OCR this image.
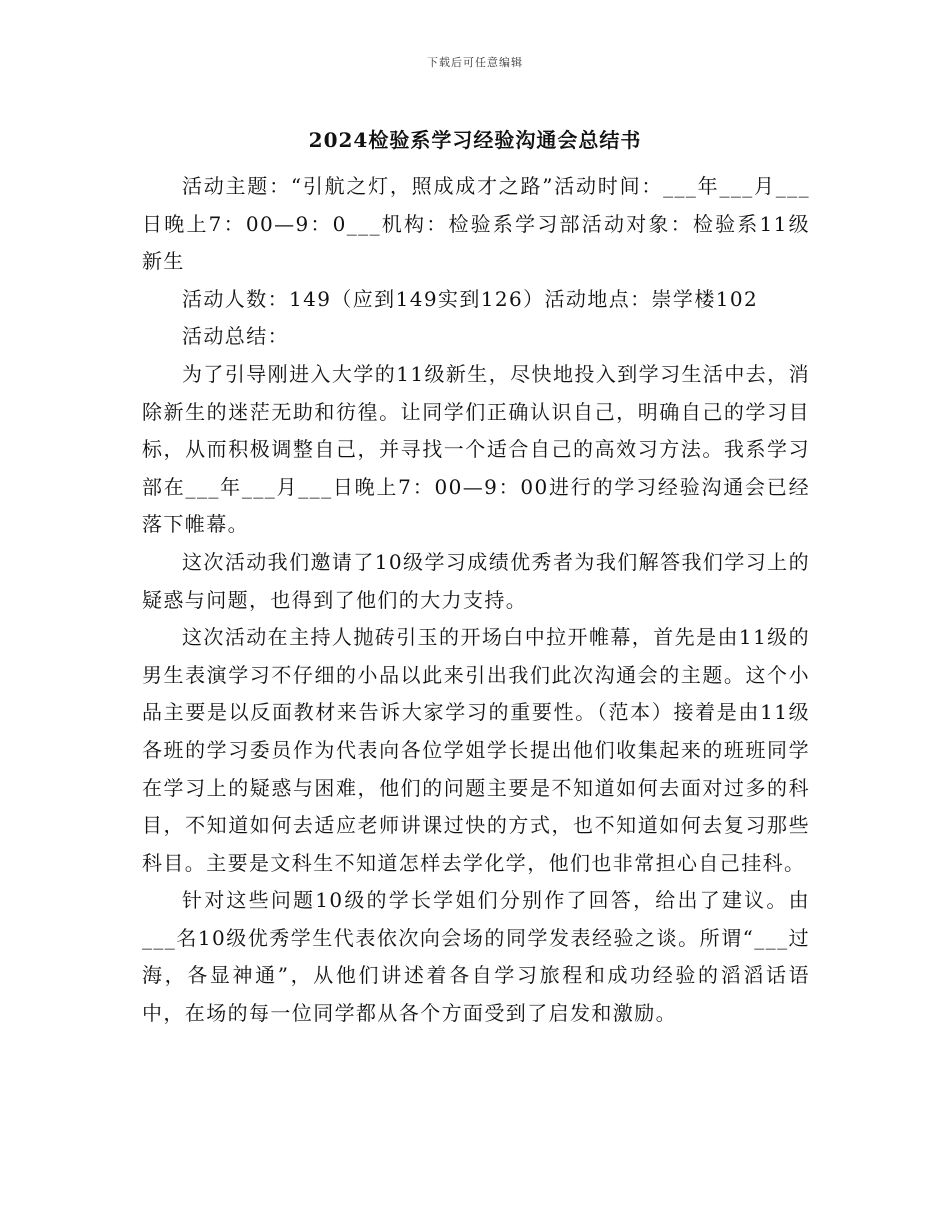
下载后可任意编辑
2024检验系学习经验沟通会总结书

活动主题：“引航之灯，照成成才之路”活动时间：___年___月___日晚上7：00—9：0___机构：检验系学习部活动对象：检验系11级新生

活动人数：149（应到149实到126）活动地点：崇学楼102

活动总结：

为了引导刚进入大学的11级新生，尽快地投入到学习生活中去，消除新生的迷茫无助和彷徨。让同学们正确认识自己，明确自己的学习目标，从而积极调整自己，并寻找一个适合自己的高效习方法。我系学习部在___年___月___日晚上7：00—9：00进行的学习经验沟通会已经落下帷幕。

这次活动我们邀请了10级学习成绩优秀者为我们解答我们学习上的疑惑与问题，也得到了他们的大力支持。

这次活动在主持人抛砖引玉的开场白中拉开帷幕，首先是由11级的男生表演学习不仔细的小品以此来引出我们此次沟通会的主题。这个小品主要是以反面教材来告诉大家学习的重要性。（范本）接着是由11级各班的学习委员作为代表向各位学姐学长提出他们收集起来的班班同学在学习上的疑惑与困难，他们的问题主要是不知道如何去面对过多的科目，不知道如何去适应老师讲课过快的方式，也不知道如何去复习那些科目。主要是文科生不知道怎样去学化学，他们也非常担心自己挂科。

针对这些问题10级的学长学姐们分别作了回答，给出了建议。由___名10级优秀学生代表依次向会场的同学发表经验之谈。所谓“___过海，各显神通”，从他们讲述着各自学习旅程和成功经验的滔滔话语中，在场的每一位同学都从各个方面受到了启发和激励。
